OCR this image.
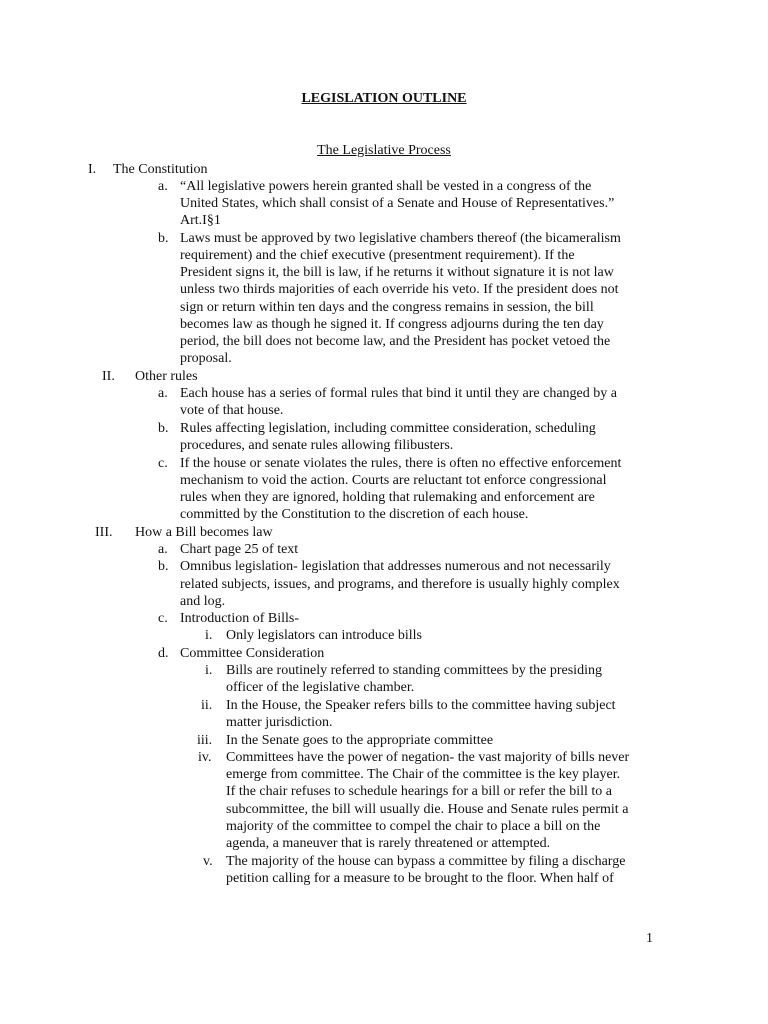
LEGISLATION OUTLINE
The Legislative Process
I. The Constitution
a. “All legislative powers herein granted shall be vested in a congress of the
United States, which shall consist of a Senate and House of Representatives.”
Art.I§1
b. Laws must be approved by two legislative chambers thereof (the bicameralism
requirement) and the chief executive (presentment requirement). If the
President signs it, the bill is law, if he returns it without signature it is not law
unless two thirds majorities of each override his veto. If the president does not
sign or return within ten days and the congress remains in session, the bill
becomes law as though he signed it. If congress adjourns during the ten day
period, the bill does not become law, and the President has pocket vetoed the
proposal.
II. Other rules
a. Each house has a series of formal rules that bind it until they are changed by a
vote of that house.
b. Rules affecting legislation, including committee consideration, scheduling
procedures, and senate rules allowing filibusters.
c. If the house or senate violates the rules, there is often no effective enforcement
mechanism to void the action. Courts are reluctant tot enforce congressional
rules when they are ignored, holding that rulemaking and enforcement are
committed by the Constitution to the discretion of each house.
III. How a Bill becomes law
a. Chart page 25 of text
b. Omnibus legislation- legislation that addresses numerous and not necessarily
related subjects, issues, and programs, and therefore is usually highly complex
and log.
c. Introduction of Bills-
i. Only legislators can introduce bills
d. Committee Consideration
i. Bills are routinely referred to standing committees by the presiding
officer of the legislative chamber.
ii. In the House, the Speaker refers bills to the committee having subject
matter jurisdiction.
iii. In the Senate goes to the appropriate committee
iv. Committees have the power of negation- the vast majority of bills never
emerge from committee. The Chair of the committee is the key player.
If the chair refuses to schedule hearings for a bill or refer the bill to a
subcommittee, the bill will usually die. House and Senate rules permit a
majority of the committee to compel the chair to place a bill on the
agenda, a maneuver that is rarely threatened or attempted.
v. The majority of the house can bypass a committee by filing a discharge
petition calling for a measure to be brought to the floor. When half of
1
